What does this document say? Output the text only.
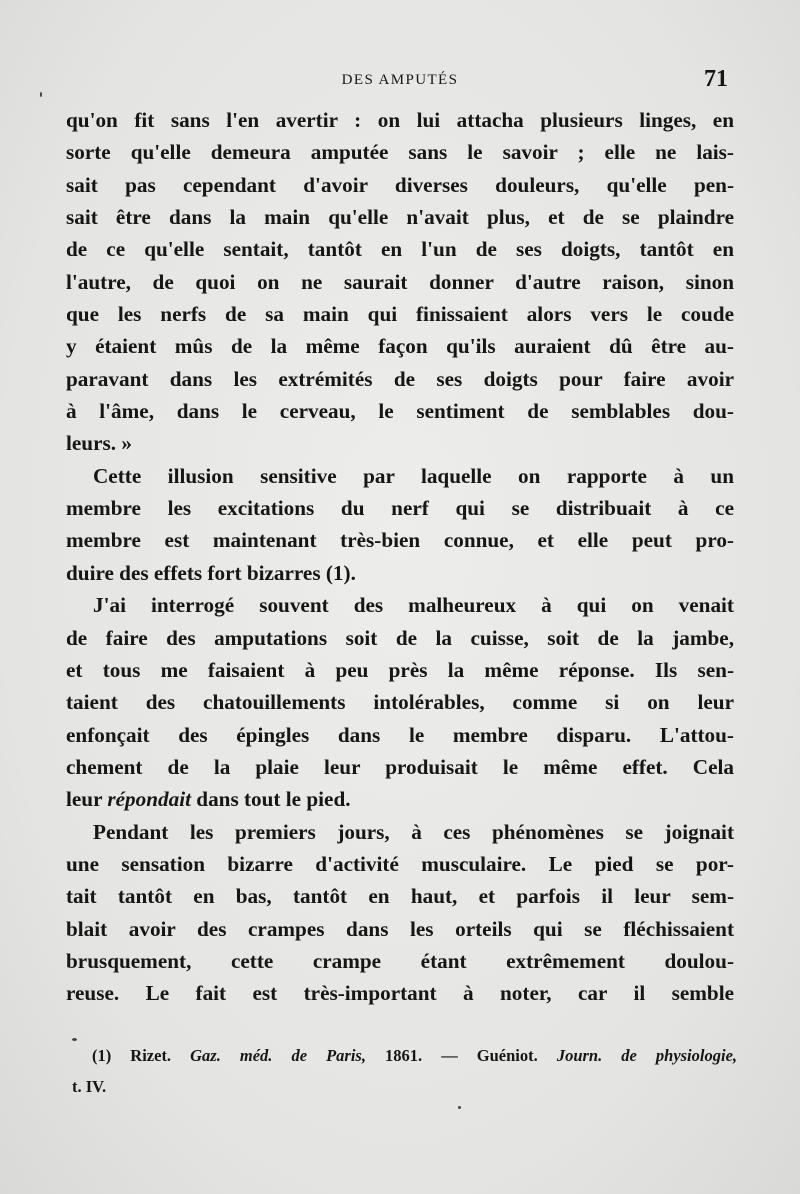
DES AMPUTÉS	71
qu'on fit sans l'en avertir : on lui attacha plusieurs linges, en
sorte qu'elle demeura amputée sans le savoir ; elle ne lais-
sait pas cependant d'avoir diverses douleurs, qu'elle pen-
sait être dans la main qu'elle n'avait plus, et de se plaindre
de ce qu'elle sentait, tantôt en l'un de ses doigts, tantôt en
l'autre, de quoi on ne saurait donner d'autre raison, sinon
que les nerfs de sa main qui finissaient alors vers le coude
y étaient mûs de la même façon qu'ils auraient dû être au-
paravant dans les extrémités de ses doigts pour faire avoir
à l'âme, dans le cerveau, le sentiment de semblables dou-
leurs. »
Cette illusion sensitive par laquelle on rapporte à un
membre les excitations du nerf qui se distribuait à ce
membre est maintenant très-bien connue, et elle peut pro-
duire des effets fort bizarres (1).
J'ai interrogé souvent des malheureux à qui on venait
de faire des amputations soit de la cuisse, soit de la jambe,
et tous me faisaient à peu près la même réponse. Ils sen-
taient des chatouillements intolérables, comme si on leur
enfonçait des épingles dans le membre disparu. L'attou-
chement de la plaie leur produisait le même effet. Cela
leur répondait dans tout le pied.
Pendant les premiers jours, à ces phénomènes se joignait
une sensation bizarre d'activité musculaire. Le pied se por-
tait tantôt en bas, tantôt en haut, et parfois il leur sem-
blait avoir des crampes dans les orteils qui se fléchissaient
brusquement, cette crampe étant extrêmement doulou-
reuse. Le fait est très-important à noter, car il semble
(1) Rizet. Gaz. méd. de Paris, 1861. — Guéniot. Journ. de physiologie,
t. IV.
